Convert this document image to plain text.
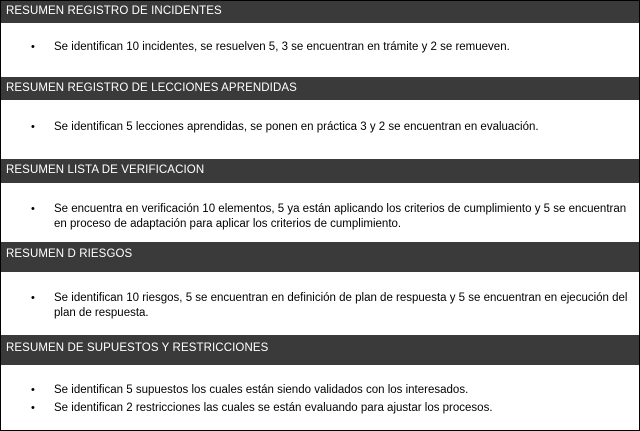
RESUMEN REGISTRO DE INCIDENTES
• Se identifican 10 incidentes, se resuelven 5, 3 se encuentran en trámite y 2 se remueven.
RESUMEN REGISTRO DE LECCIONES APRENDIDAS
• Se identifican 5 lecciones aprendidas, se ponen en práctica 3 y 2 se encuentran en evaluación.
RESUMEN LISTA DE VERIFICACION
• Se encuentra en verificación 10 elementos, 5 ya están aplicando los criterios de cumplimiento y 5 se encuentran en proceso de adaptación para aplicar los criterios de cumplimiento.
RESUMEN D RIESGOS
• Se identifican 10 riesgos, 5 se encuentran en definición de plan de respuesta y 5 se encuentran en ejecución del plan de respuesta.
RESUMEN DE SUPUESTOS Y RESTRICCIONES
• Se identifican 5 supuestos los cuales están siendo validados con los interesados.
• Se identifican 2 restricciones las cuales se están evaluando para ajustar los procesos.
